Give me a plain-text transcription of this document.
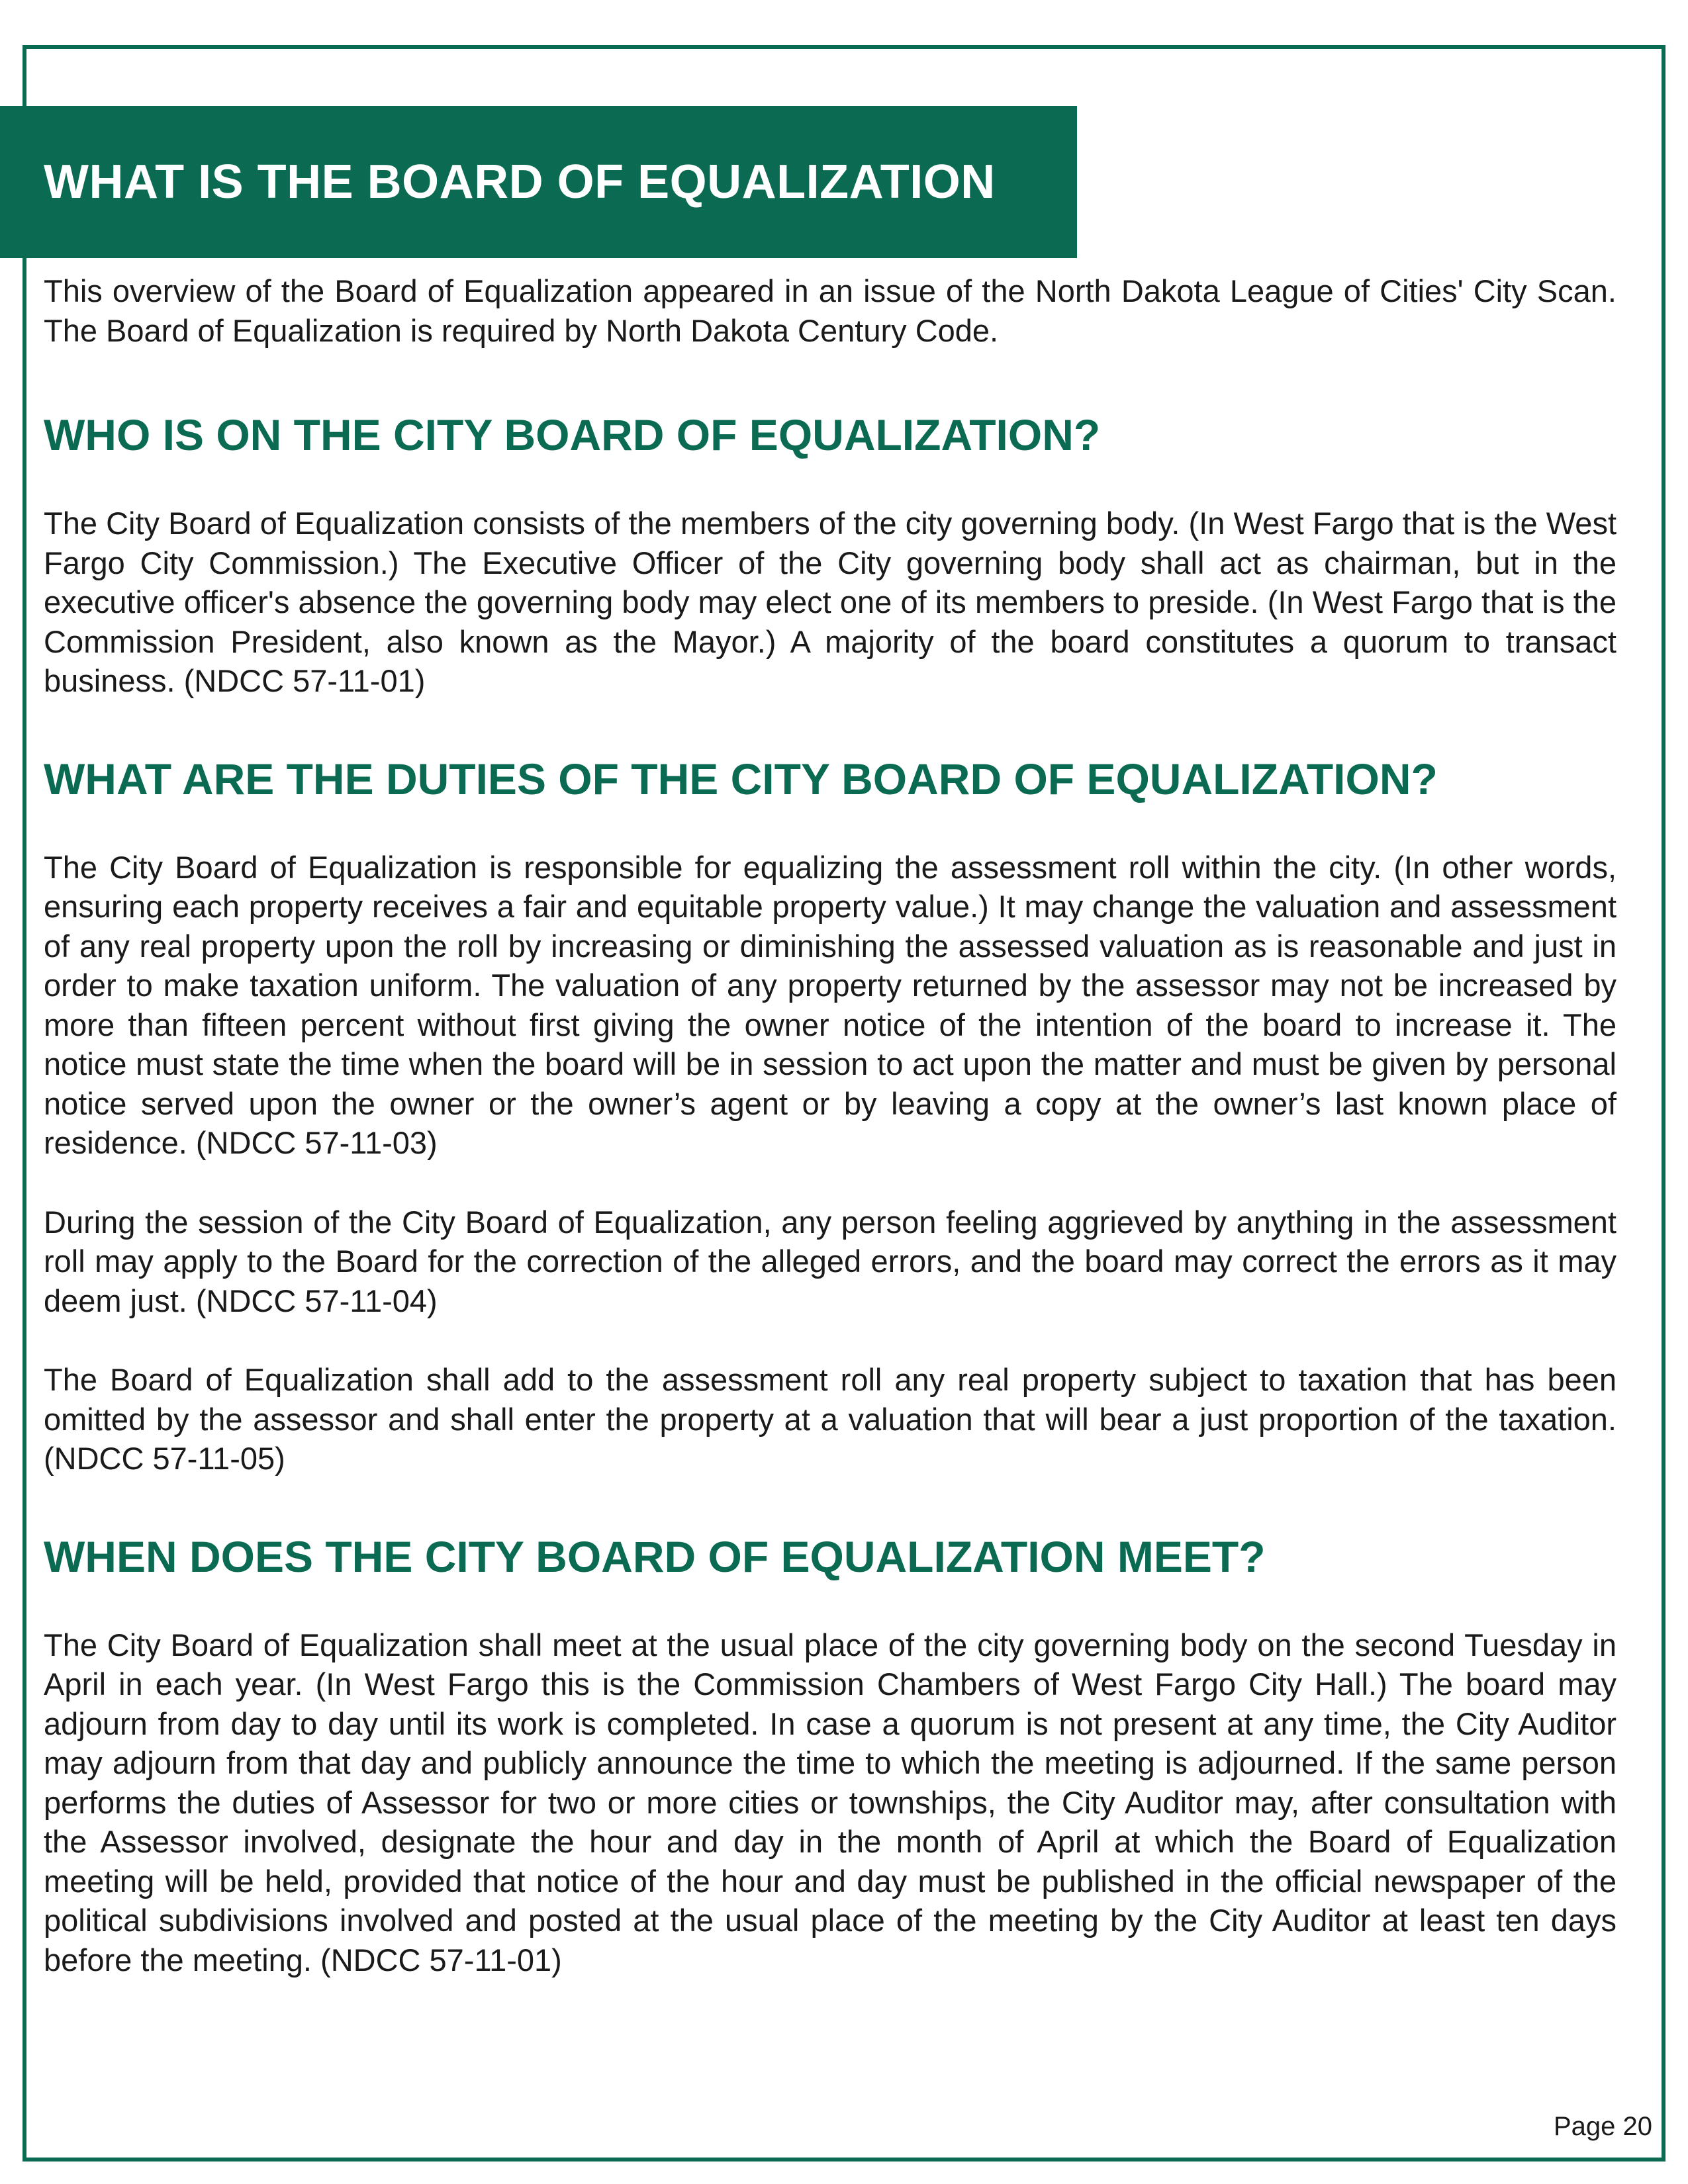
WHAT IS THE BOARD OF EQUALIZATION

This overview of the Board of Equalization appeared in an issue of the North Dakota League of Cities' City Scan. The Board of Equalization is required by North Dakota Century Code.

WHO IS ON THE CITY BOARD OF EQUALIZATION?

The City Board of Equalization consists of the members of the city governing body. (In West Fargo that is the West Fargo City Commission.) The Executive Officer of the City governing body shall act as chairman, but in the executive officer's absence the governing body may elect one of its members to preside. (In West Fargo that is the Commission President, also known as the Mayor.) A majority of the board constitutes a quorum to transact business. (NDCC 57-11-01)

WHAT ARE THE DUTIES OF THE CITY BOARD OF EQUALIZATION?

The City Board of Equalization is responsible for equalizing the assessment roll within the city. (In other words, ensuring each property receives a fair and equitable property value.) It may change the valuation and assessment of any real property upon the roll by increasing or diminishing the assessed valuation as is reasonable and just in order to make taxation uniform. The valuation of any property returned by the assessor may not be increased by more than fifteen percent without first giving the owner notice of the intention of the board to increase it. The notice must state the time when the board will be in session to act upon the matter and must be given by personal notice served upon the owner or the owner’s agent or by leaving a copy at the owner’s last known place of residence. (NDCC 57-11-03)

During the session of the City Board of Equalization, any person feeling aggrieved by anything in the assessment roll may apply to the Board for the correction of the alleged errors, and the board may correct the errors as it may deem just. (NDCC 57-11-04)

The Board of Equalization shall add to the assessment roll any real property subject to taxation that has been omitted by the assessor and shall enter the property at a valuation that will bear a just proportion of the taxation. (NDCC 57-11-05)

WHEN DOES THE CITY BOARD OF EQUALIZATION MEET?

The City Board of Equalization shall meet at the usual place of the city governing body on the second Tuesday in April in each year. (In West Fargo this is the Commission Chambers of West Fargo City Hall.) The board may adjourn from day to day until its work is completed. In case a quorum is not present at any time, the City Auditor may adjourn from that day and publicly announce the time to which the meeting is adjourned. If the same person performs the duties of Assessor for two or more cities or townships, the City Auditor may, after consultation with the Assessor involved, designate the hour and day in the month of April at which the Board of Equalization meeting will be held, provided that notice of the hour and day must be published in the official newspaper of the political subdivisions involved and posted at the usual place of the meeting by the City Auditor at least ten days before the meeting. (NDCC 57-11-01)

Page 20
